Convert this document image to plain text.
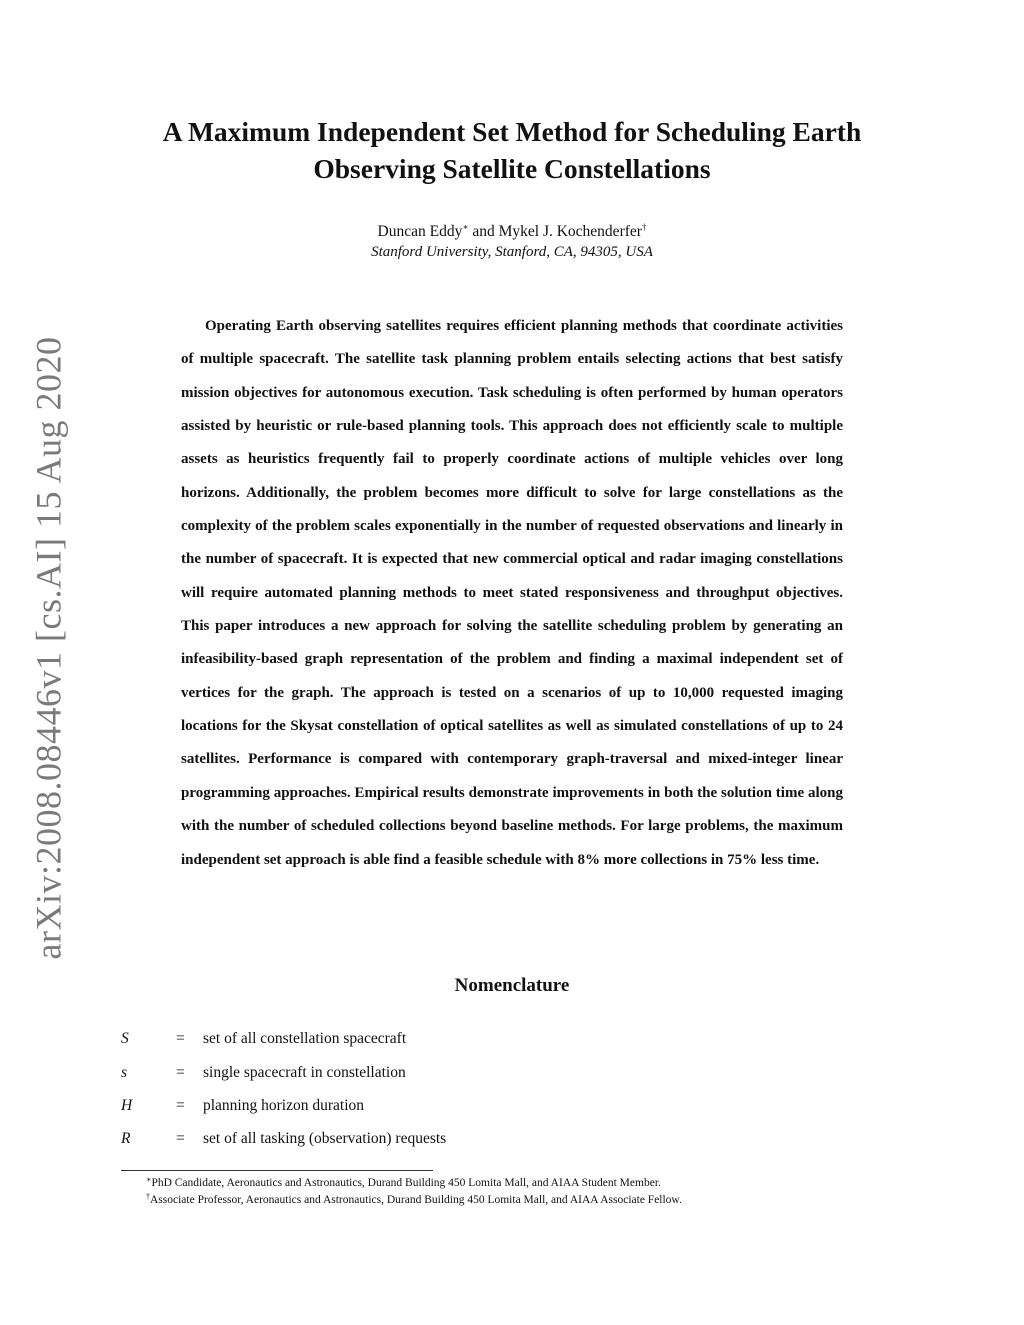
arXiv:2008.08446v1 [cs.AI] 15 Aug 2020
A Maximum Independent Set Method for Scheduling Earth
Observing Satellite Constellations
Duncan Eddy∗ and Mykel J. Kochenderfer†
Stanford University, Stanford, CA, 94305, USA

Operating Earth observing satellites requires efficient planning methods that coordinate activities of multiple spacecraft. The satellite task planning problem entails selecting actions that best satisfy mission objectives for autonomous execution. Task scheduling is often performed by human operators assisted by heuristic or rule-based planning tools. This approach does not efficiently scale to multiple assets as heuristics frequently fail to properly coordinate actions of multiple vehicles over long horizons. Additionally, the problem becomes more difficult to solve for large constellations as the complexity of the problem scales exponentially in the number of requested observations and linearly in the number of spacecraft. It is expected that new commercial optical and radar imaging constellations will require automated planning methods to meet stated responsiveness and throughput objectives. This paper introduces a new approach for solving the satellite scheduling problem by generating an infeasibility-based graph representation of the problem and finding a maximal independent set of vertices for the graph. The approach is tested on a scenarios of up to 10,000 requested imaging locations for the Skysat constellation of optical satellites as well as simulated constellations of up to 24 satellites. Performance is compared with contemporary graph-traversal and mixed-integer linear programming approaches. Empirical results demonstrate improvements in both the solution time along with the number of scheduled collections beyond baseline methods. For large problems, the maximum independent set approach is able find a feasible schedule with 8% more collections in 75% less time.

Nomenclature
S	= set of all constellation spacecraft
s	= single spacecraft in constellation
H	= planning horizon duration
R	= set of all tasking (observation) requests
∗PhD Candidate, Aeronautics and Astronautics, Durand Building 450 Lomita Mall, and AIAA Student Member.
†Associate Professor, Aeronautics and Astronautics, Durand Building 450 Lomita Mall, and AIAA Associate Fellow.
